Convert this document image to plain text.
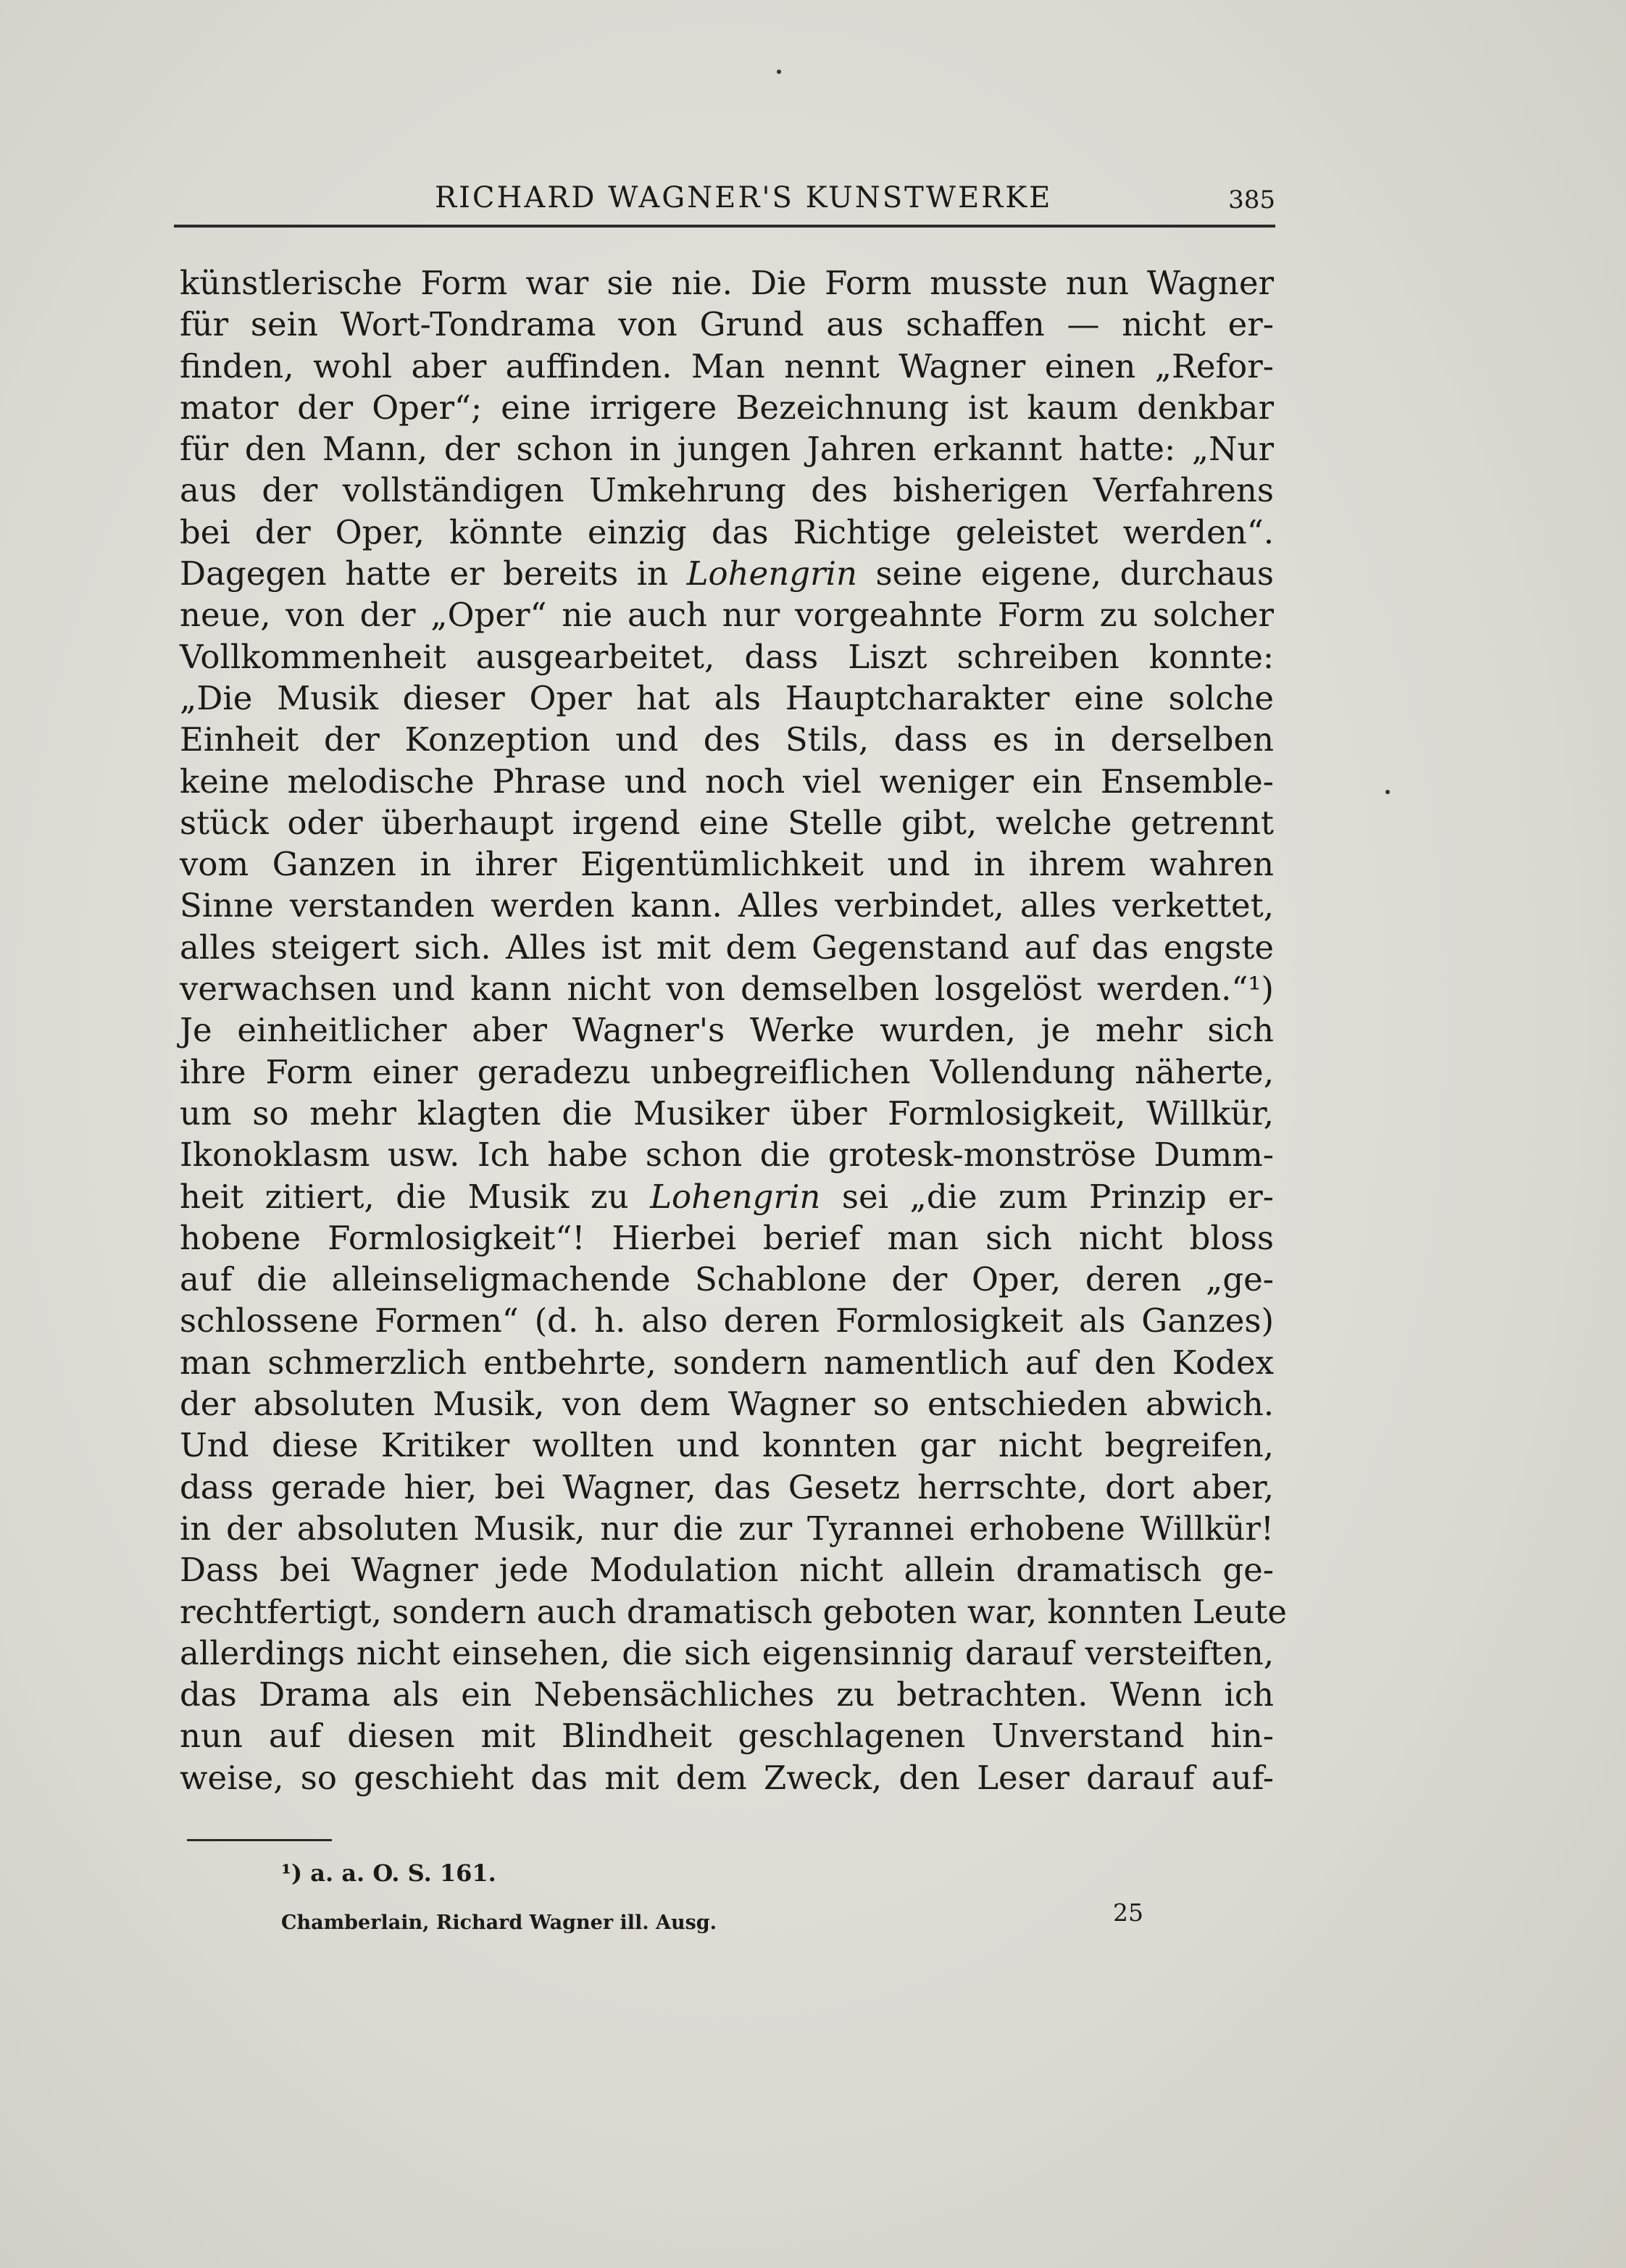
RICHARD WAGNER'S KUNSTWERKE	385
künstlerische Form war sie nie. Die Form musste nun Wagner
für sein Wort-Tondrama von Grund aus schaffen — nicht er-
finden, wohl aber auffinden. Man nennt Wagner einen „Refor-
mator der Oper“; eine irrigere Bezeichnung ist kaum denkbar
für den Mann, der schon in jungen Jahren erkannt hatte: „Nur
aus der vollständigen Umkehrung des bisherigen Verfahrens
bei der Oper, könnte einzig das Richtige geleistet werden“.
Dagegen hatte er bereits in Lohengrin seine eigene, durchaus
neue, von der „Oper“ nie auch nur vorgeahnte Form zu solcher
Vollkommenheit ausgearbeitet, dass Liszt schreiben konnte:
„Die Musik dieser Oper hat als Hauptcharakter eine solche
Einheit der Konzeption und des Stils, dass es in derselben
keine melodische Phrase und noch viel weniger ein Ensemble-
stück oder überhaupt irgend eine Stelle gibt, welche getrennt
vom Ganzen in ihrer Eigentümlichkeit und in ihrem wahren
Sinne verstanden werden kann. Alles verbindet, alles verkettet,
alles steigert sich. Alles ist mit dem Gegenstand auf das engste
verwachsen und kann nicht von demselben losgelöst werden.“¹)
Je einheitlicher aber Wagner's Werke wurden, je mehr sich
ihre Form einer geradezu unbegreiflichen Vollendung näherte,
um so mehr klagten die Musiker über Formlosigkeit, Willkür,
Ikonoklasm usw. Ich habe schon die grotesk-monströse Dumm-
heit zitiert, die Musik zu Lohengrin sei „die zum Prinzip er-
hobene Formlosigkeit“! Hierbei berief man sich nicht bloss
auf die alleinseligmachende Schablone der Oper, deren „ge-
schlossene Formen“ (d. h. also deren Formlosigkeit als Ganzes)
man schmerzlich entbehrte, sondern namentlich auf den Kodex
der absoluten Musik, von dem Wagner so entschieden abwich.
Und diese Kritiker wollten und konnten gar nicht begreifen,
dass gerade hier, bei Wagner, das Gesetz herrschte, dort aber,
in der absoluten Musik, nur die zur Tyrannei erhobene Willkür!
Dass bei Wagner jede Modulation nicht allein dramatisch ge-
rechtfertigt, sondern auch dramatisch geboten war, konnten Leute
allerdings nicht einsehen, die sich eigensinnig darauf versteiften,
das Drama als ein Nebensächliches zu betrachten. Wenn ich
nun auf diesen mit Blindheit geschlagenen Unverstand hin-
weise, so geschieht das mit dem Zweck, den Leser darauf auf-
¹) a. a. O. S. 161.
Chamberlain, Richard Wagner ill. Ausg.	25
